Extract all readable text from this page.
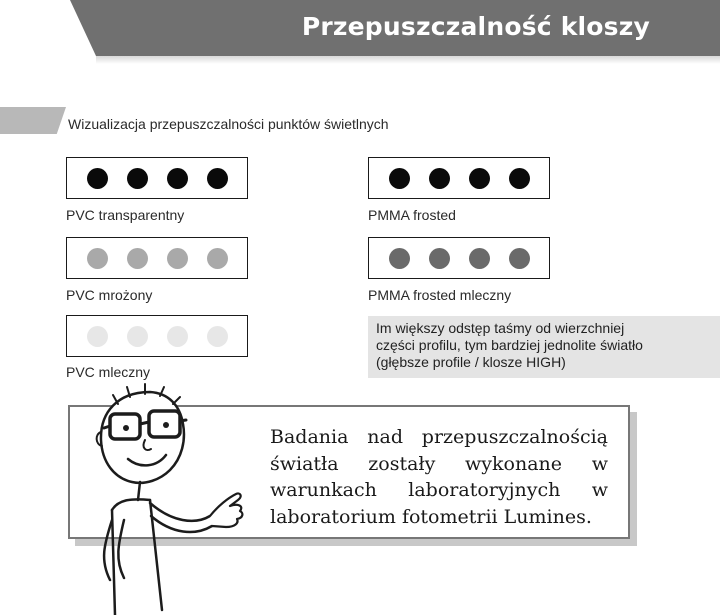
Przepuszczalność kloszy
Wizualizacja przepuszczalności punktów świetlnych
PVC transparentny
PVC mrożony
PVC mleczny
PMMA frosted
PMMA frosted mleczny
Im większy odstęp taśmy od wierzchniej
części profilu, tym bardziej jednolite światło
(głębsze profile / klosze HIGH)

Badania nad przepuszczalnością światła zostały wykonane w warunkach laboratoryjnych w laboratorium fotometrii Lumines.
